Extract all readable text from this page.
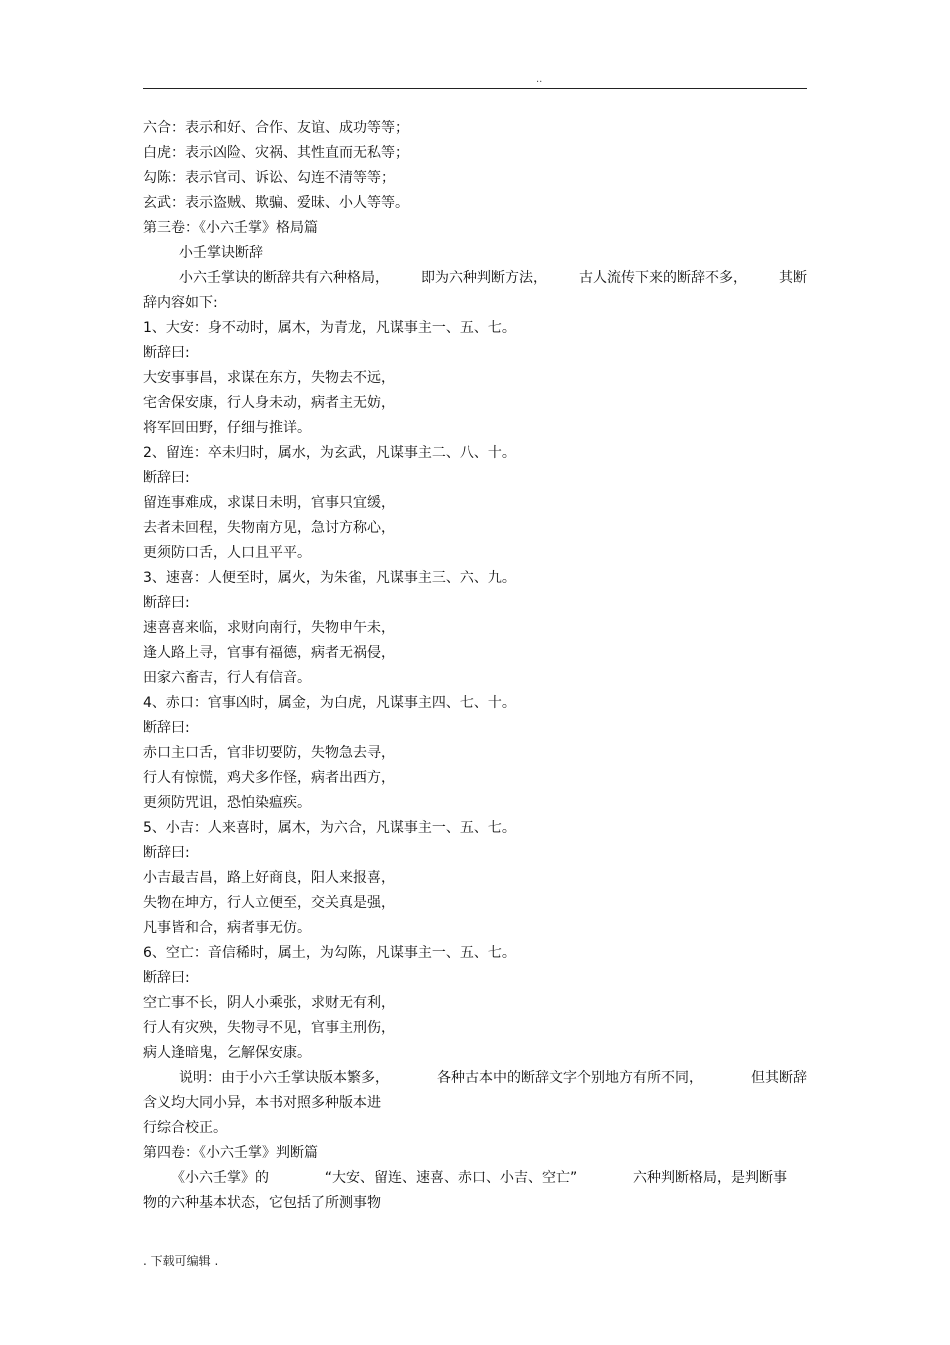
..
六合：表示和好、合作、友谊、成功等等；
白虎：表示凶险、灾祸、其性直而无私等；
勾陈：表示官司、诉讼、勾连不清等等；
玄武：表示盗贼、欺骗、爱昧、小人等等。
第三卷：《小六壬掌》格局篇
小壬掌诀断辞
小六壬掌诀的断辞共有六种格局， 即为六种判断方法， 古人流传下来的断辞不多， 其断
辞内容如下:
1、大安：身不动时，属木，为青龙，凡谋事主一、五、七。
断辞曰:
大安事事昌，求谋在东方，失物去不远，
宅舍保安康，行人身未动，病者主无妨，
将军回田野，仔细与推详。
2、留连：卒未归时，属水，为玄武，凡谋事主二、八、十。
断辞曰:
留连事难成，求谋日未明，官事只宜缓，
去者未回程，失物南方见，急讨方称心，
更须防口舌，人口且平平。
3、速喜：人便至时，属火，为朱雀，凡谋事主三、六、九。
断辞曰:
速喜喜来临，求财向南行，失物申午未，
逢人路上寻，官事有福德，病者无祸侵，
田家六畜吉，行人有信音。
4、赤口：官事凶时，属金，为白虎，凡谋事主四、七、十。
断辞曰:
赤口主口舌，官非切要防，失物急去寻，
行人有惊慌，鸡犬多作怪，病者出西方，
更须防咒诅，恐怕染瘟疾。
5、小吉：人来喜时，属木，为六合，凡谋事主一、五、七。
断辞曰:
小吉最吉昌，路上好商良，阳人来报喜，
失物在坤方，行人立便至，交关真是强，
凡事皆和合，病者事无仿。
6、空亡：音信稀时，属土，为勾陈，凡谋事主一、五、七。
断辞曰:
空亡事不长，阴人小乘张，求财无有利，
行人有灾殃，失物寻不见，官事主刑伤，
病人逢暗鬼，乞解保安康。
说明：由于小六壬掌诀版本繁多，	各种古本中的断辞文字个别地方有所不同，	但其断辞
含义均大同小异，本书对照多种版本进
行综合校正。
第四卷：《小六壬掌》判断篇
《小六壬掌》的	“大安、留连、速喜、赤口、小吉、空亡”	六种判断格局，是判断事
物的六种基本状态，它包括了所测事物
. 下载可编辑 .
